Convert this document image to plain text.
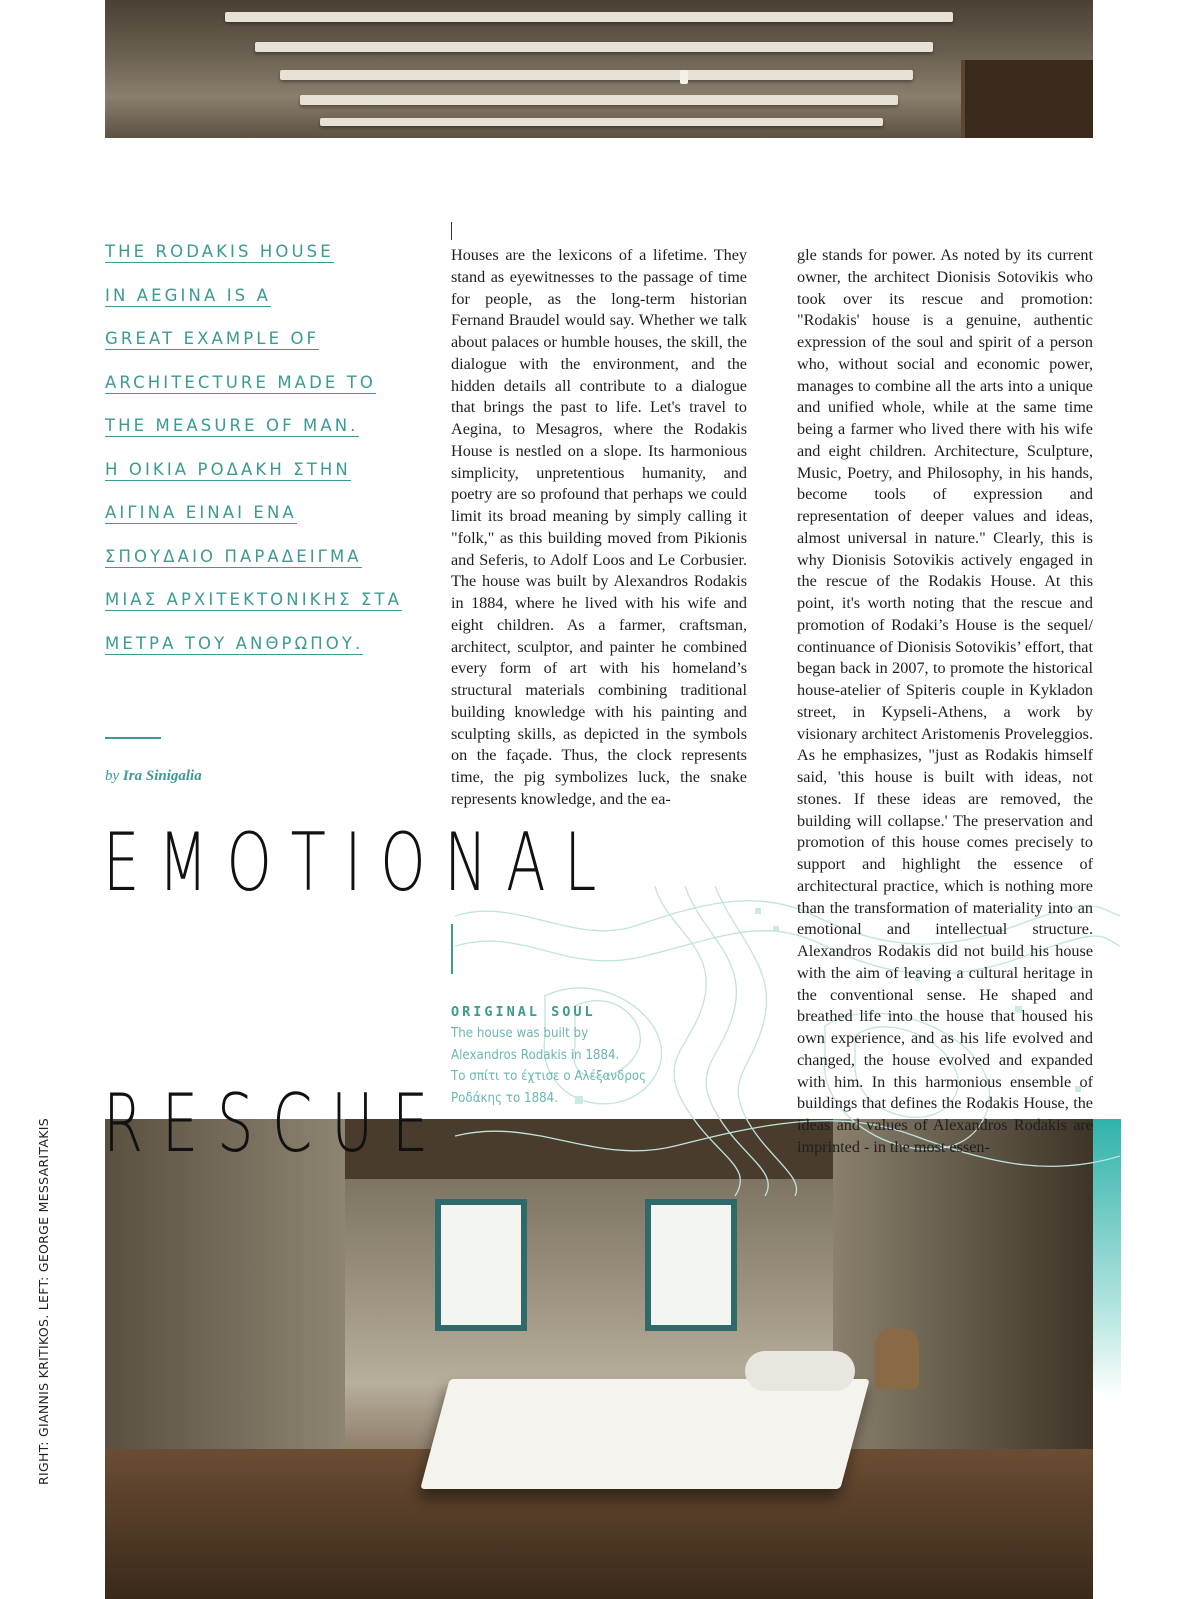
THE RODAKIS HOUSE
IN AEGINA IS A
GREAT EXAMPLE OF
ARCHITECTURE MADE TO
THE MEASURE OF MAN.
Η ΟΙΚΙΑ ΡΟΔΑΚΗ ΣΤΗΝ
ΑΙΓΙΝΑ ΕΙΝΑΙ ΕΝΑ
ΣΠΟΥΔΑΙΟ ΠΑΡΑΔΕΙΓΜΑ
ΜΙΑΣ ΑΡΧΙΤΕΚΤΟΝΙΚΗΣ ΣΤΑ
ΜΕΤΡΑ ΤΟΥ ΑΝΘΡΩΠΟΥ.
by Ira Sinigalia
EMOTIONAL
RESCUE

Houses are the lexicons of a lifetime. They stand as eyewitnesses to the passage of time for people, as the long-term historian Fernand Braudel would say. Whether we talk about palaces or humble houses, the skill, the dialogue with the environment, and the hidden details all contribute to a dialogue that brings the past to life. Let's travel to Aegina, to Mesagros, where the Rodakis House is nestled on a slope. Its harmonious simplicity, unpretentious humanity, and poetry are so profound that perhaps we could limit its broad meaning by simply calling it "folk," as this building moved from Pikionis and Seferis, to Adolf Loos and Le Corbusier. The house was built by Alexandros Rodakis in 1884, where he lived with his wife and eight children. As a farmer, craftsman, architect, sculptor, and painter he combined every form of art with his homeland’s structural materials combining traditional building knowledge with his painting and sculpting skills, as depicted in the symbols on the façade. Thus, the clock represents time, the pig symbolizes luck, the snake represents knowledge, and the ea-

gle stands for power. As noted by its current owner, the architect Dionisis Sotovikis who took over its rescue and promotion: "Rodakis' house is a genuine, authentic expression of the soul and spirit of a person who, without social and economic power, manages to combine all the arts into a unique and unified whole, while at the same time being a farmer who lived there with his wife and eight children. Architecture, Sculpture, Music, Poetry, and Philosophy, in his hands, become tools of expression and representation of deeper values and ideas, almost universal in nature." Clearly, this is why Dionisis Sotovikis actively engaged in the rescue of the Rodakis House. At this point, it's worth noting that the rescue and promotion of Rodaki’s House is the sequel/ continuance of Dionisis Sotovikis’ effort, that began back in 2007, to promote the historical house-atelier of Spiteris couple in Kykladon street, in Kypseli-Athens, a work by visionary architect Aristomenis Proveleggios. As he emphasizes, "just as Rodakis himself said, 'this house is built with ideas, not stones. If these ideas are removed, the building will collapse.' The preservation and promotion of this house comes precisely to support and highlight the essence of architectural practice, which is nothing more than the transformation of materiality into an emotional and intellectual structure. Alexandros Rodakis did not build his house with the aim of leaving a cultural heritage in the conventional sense. He shaped and breathed life into the house that housed his own experience, and as his life evolved and changed, the house evolved and expanded with him. In this harmonious ensemble of buildings that defines the Rodakis House, the ideas and values of Alexandros Rodakis are imprinted - in the most essen-

ORIGINAL SOUL
The house was built by
Alexandros Rodakis in 1884.
Το σπίτι το έχτισε ο Αλέξανδρος
Ροδάκης το 1884.
RIGHT: GIANNIS KRITIKOS. LEFT: GEORGE MESSARITAKIS
